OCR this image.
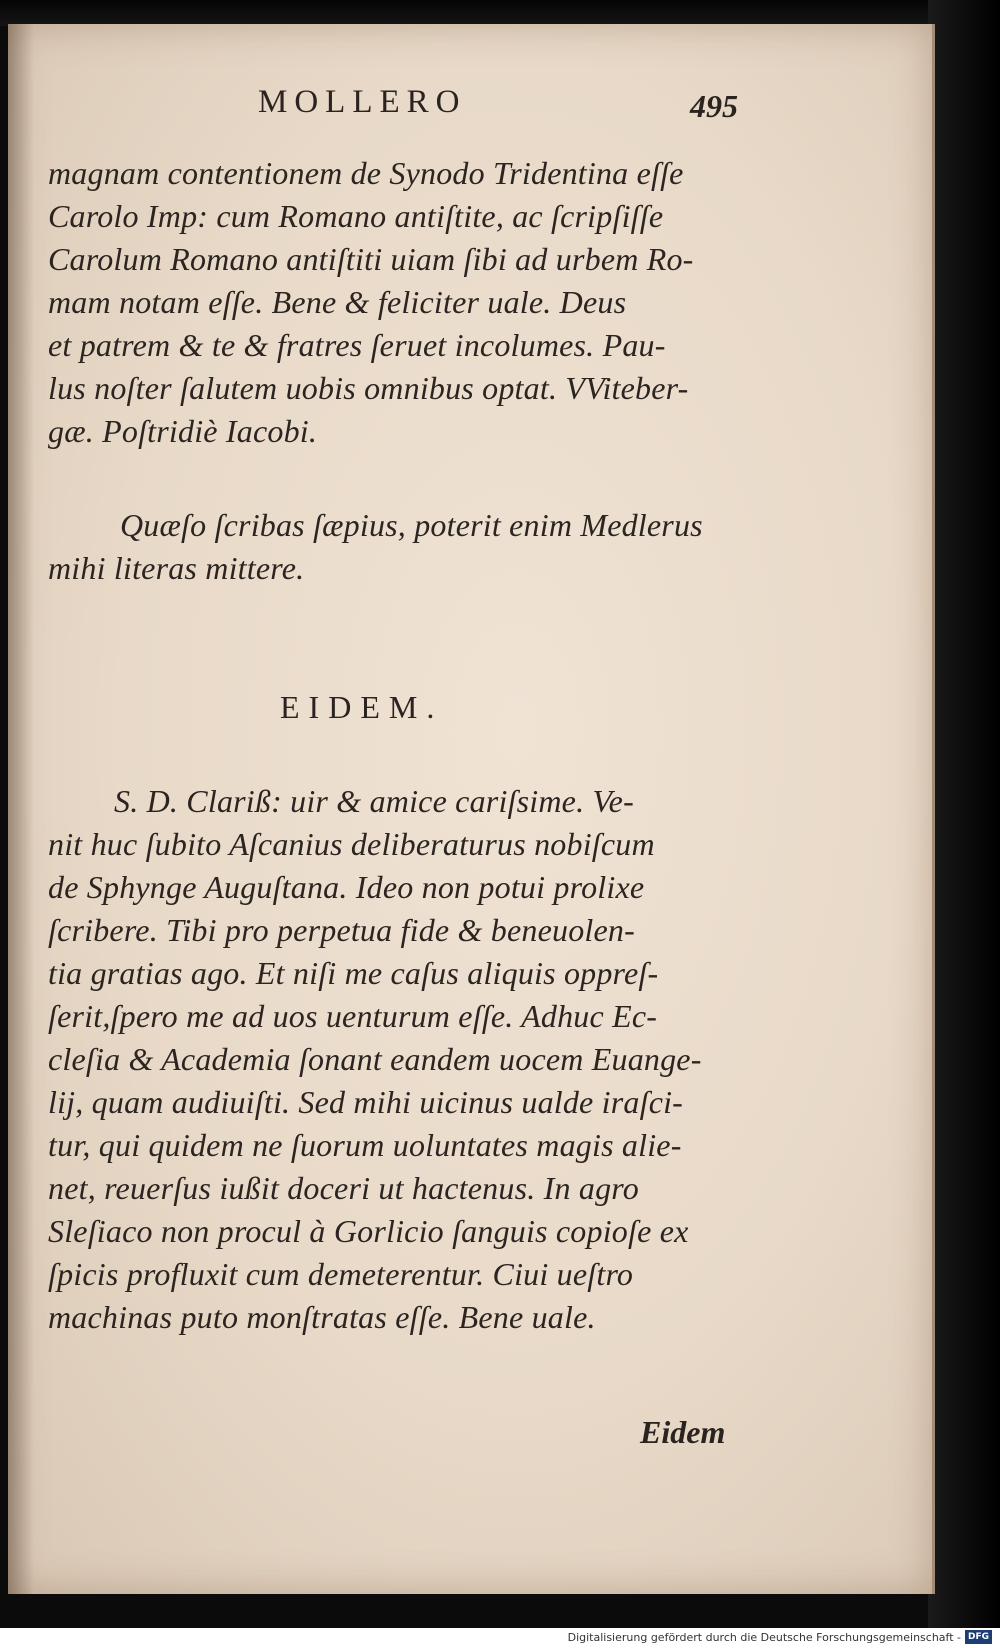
MOLLERO	495
magnam contentionem de Synodo Tridentina eſſe
Carolo Imp: cum Romano antiſtite, ac ſcripſiſſe
Carolum Romano antiſtiti uiam ſibi ad urbem Ro-
mam notam eſſe. Bene & feliciter uale. Deus
et patrem & te & fratres ſeruet incolumes. Pau-
lus noſter ſalutem uobis omnibus optat. VViteber-
gæ. Poſtridiè Iacobi.
Quæſo ſcribas ſæpius, poterit enim Medlerus
mihi literas mittere.
EIDEM.
S. D. Clariß: uir & amice cariſsime. Ve-
nit huc ſubito Aſcanius deliberaturus nobiſcum
de Sphynge Auguſtana. Ideo non potui prolixe
ſcribere. Tibi pro perpetua fide & beneuolen-
tia gratias ago. Et niſi me caſus aliquis oppreſ-
ſerit,ſpero me ad uos uenturum eſſe. Adhuc Ec-
cleſia & Academia ſonant eandem uocem Euange-
lij, quam audiuiſti. Sed mihi uicinus ualde iraſci-
tur, qui quidem ne ſuorum uoluntates magis alie-
net, reuerſus iußit doceri ut hactenus. In agro
Sleſiaco non procul à Gorlicio ſanguis copioſe ex
ſpicis profluxit cum demeterentur. Ciui ueſtro
machinas puto monſtratas eſſe. Bene uale.
Eidem
Digitalisierung gefördert durch die Deutsche Forschungsgemeinschaft - DFG
